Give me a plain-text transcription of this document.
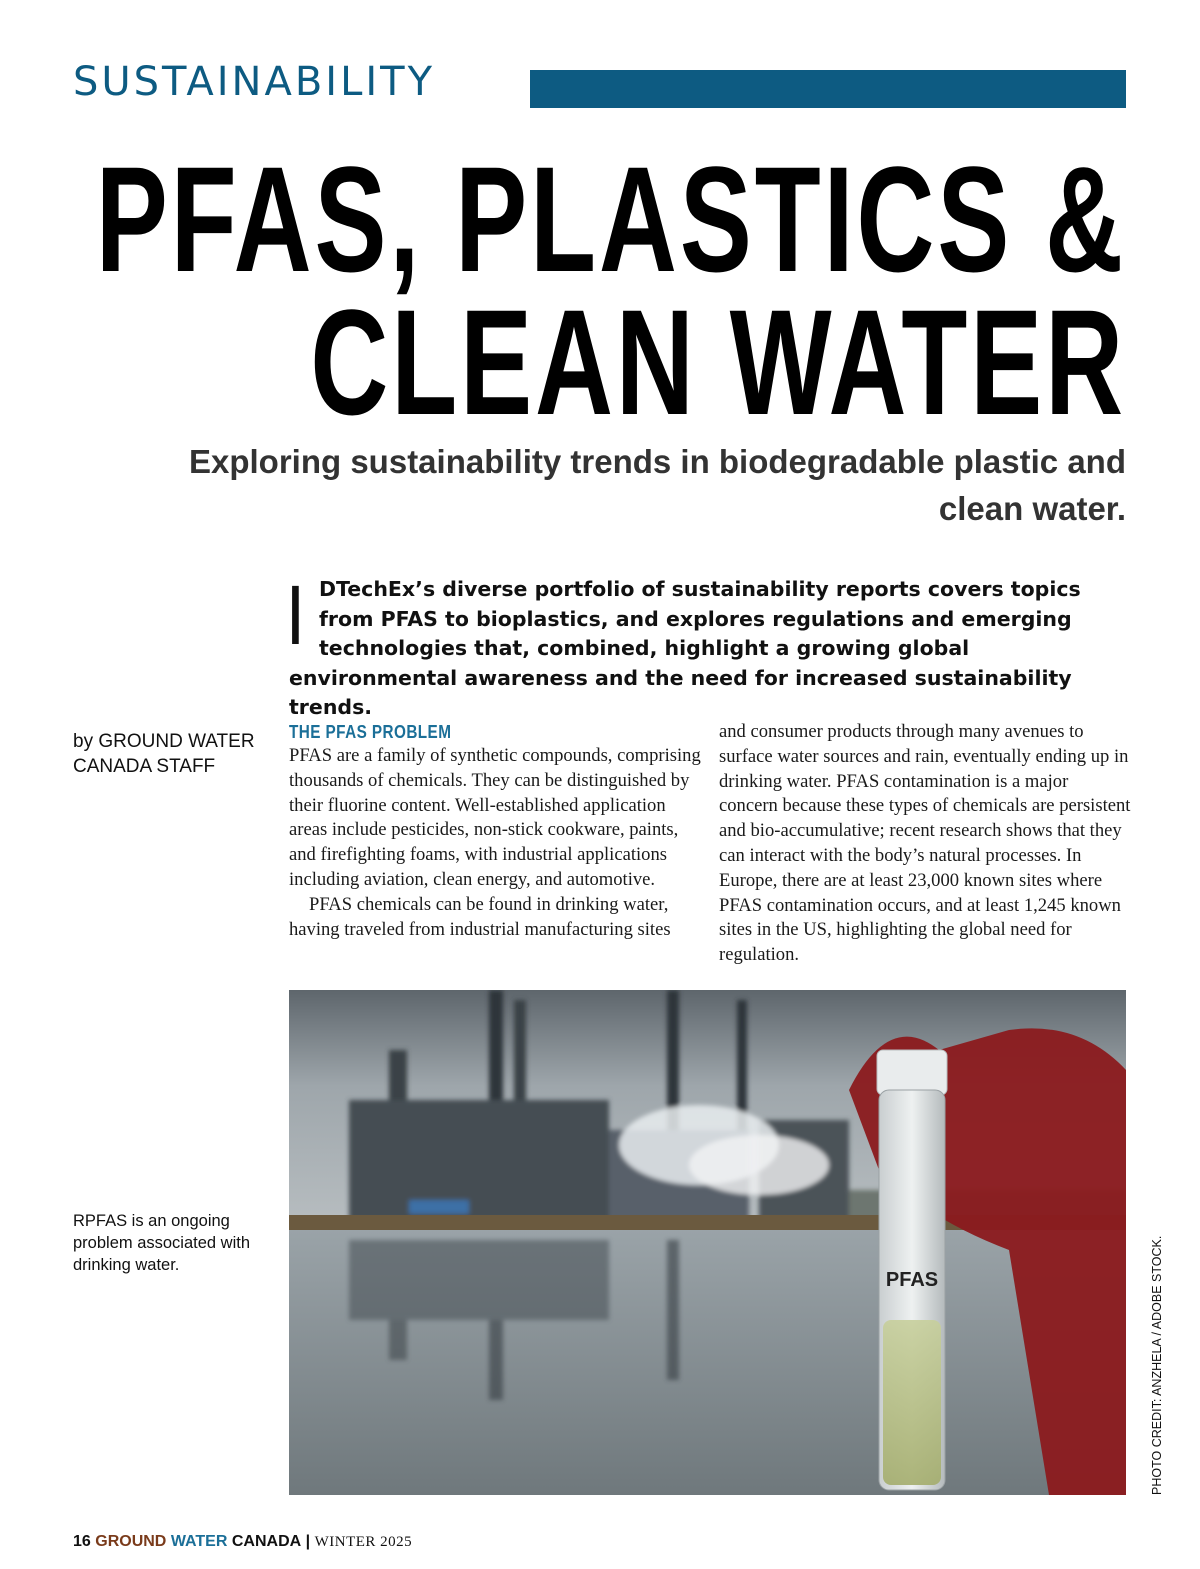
SUSTAINABILITY
PFAS, PLASTICS &
CLEAN WATER

Exploring sustainability trends in biodegradable plastic and clean water.

I DTechEx’s diverse portfolio of sustainability reports covers topics from PFAS to bioplastics, and explores regulations and emerging technologies that, combined, highlight a growing global environmental awareness and the need for increased sustainability trends.

by GROUND WATER CANADA STAFF
THE PFAS PROBLEM

PFAS are a family of synthetic compounds, comprising thousands of chemicals. They can be distinguished by their fluorine content. Well-established application areas include pesticides, non-stick cookware, paints, and firefighting foams, with industrial applications including aviation, clean energy, and automotive.

PFAS chemicals can be found in drinking water, having traveled from industrial manufacturing sites

and consumer products through many avenues to surface water sources and rain, eventually ending up in drinking water. PFAS contamination is a major concern because these types of chemicals are persistent and bio-accumulative; recent research shows that they can interact with the body’s natural processes. In Europe, there are at least 23,000 known sites where PFAS contamination occurs, and at least 1,245 known sites in the US, highlighting the global need for regulation.

PFAS
RPFAS is an ongoing problem associated with drinking water.	PHOTO CREDIT: ANZHELA / ADOBE STOCK.
16 GROUND WATER CANADA | WINTER 2025
